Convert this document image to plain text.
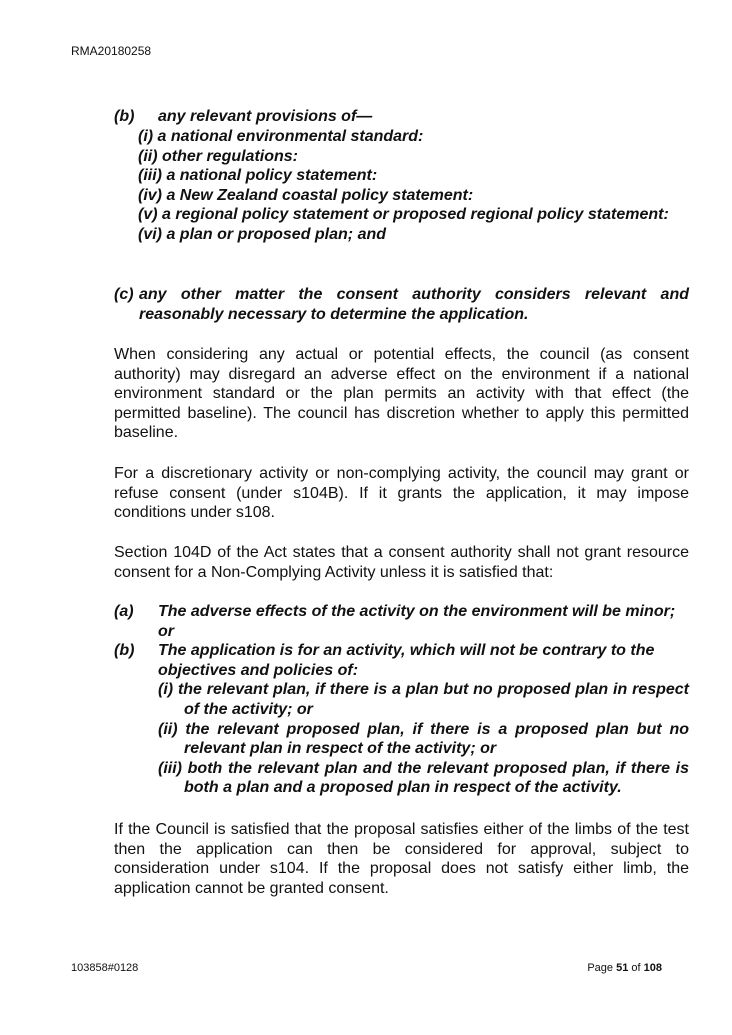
RMA20180258
(b) any relevant provisions of—
(i) a national environmental standard:
(ii) other regulations:
(iii) a national policy statement:
(iv) a New Zealand coastal policy statement:
(v) a regional policy statement or proposed regional policy statement:
(vi) a plan or proposed plan; and
(c) any other matter the consent authority considers relevant and reasonably necessary to determine the application.

When considering any actual or potential effects, the council (as consent authority) may disregard an adverse effect on the environment if a national environment standard or the plan permits an activity with that effect (the permitted baseline). The council has discretion whether to apply this permitted baseline.

For a discretionary activity or non-complying activity, the council may grant or refuse consent (under s104B). If it grants the application, it may impose conditions under s108.

Section 104D of the Act states that a consent authority shall not grant resource consent for a Non-Complying Activity unless it is satisfied that:

(a)	The adverse effects of the activity on the environment will be minor; or
(b)	The application is for an activity, which will not be contrary to the objectives and policies of:
(i) the relevant plan, if there is a plan but no proposed plan in respect of the activity; or
(ii) the relevant proposed plan, if there is a proposed plan but no relevant plan in respect of the activity; or
(iii) both the relevant plan and the relevant proposed plan, if there is both a plan and a proposed plan in respect of the activity.

If the Council is satisfied that the proposal satisfies either of the limbs of the test then the application can then be considered for approval, subject to consideration under s104. If the proposal does not satisfy either limb, the application cannot be granted consent.

103858#0128	Page 51 of 108
